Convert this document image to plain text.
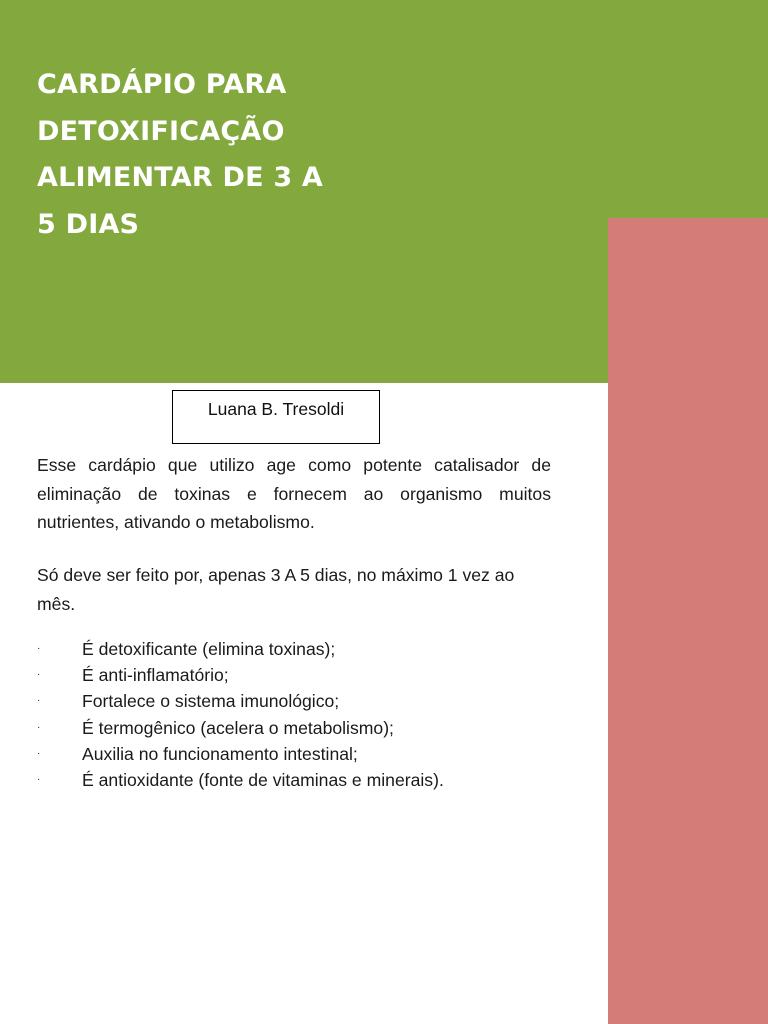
CARDÁPIO PARA
DETOXIFICAÇÃO
ALIMENTAR DE 3 A
5 DIAS
Luana B. Tresoldi

Esse cardápio que utilizo age como potente catalisador de eliminação de toxinas e fornecem ao organismo muitos nutrientes, ativando o metabolismo.

Só deve ser feito por, apenas 3 A 5 dias, no máximo 1 vez ao mês.

· É detoxificante (elimina toxinas);
· É anti-inflamatório;
· Fortalece o sistema imunológico;
· É termogênico (acelera o metabolismo);
· Auxilia no funcionamento intestinal;
· É antioxidante (fonte de vitaminas e minerais).
